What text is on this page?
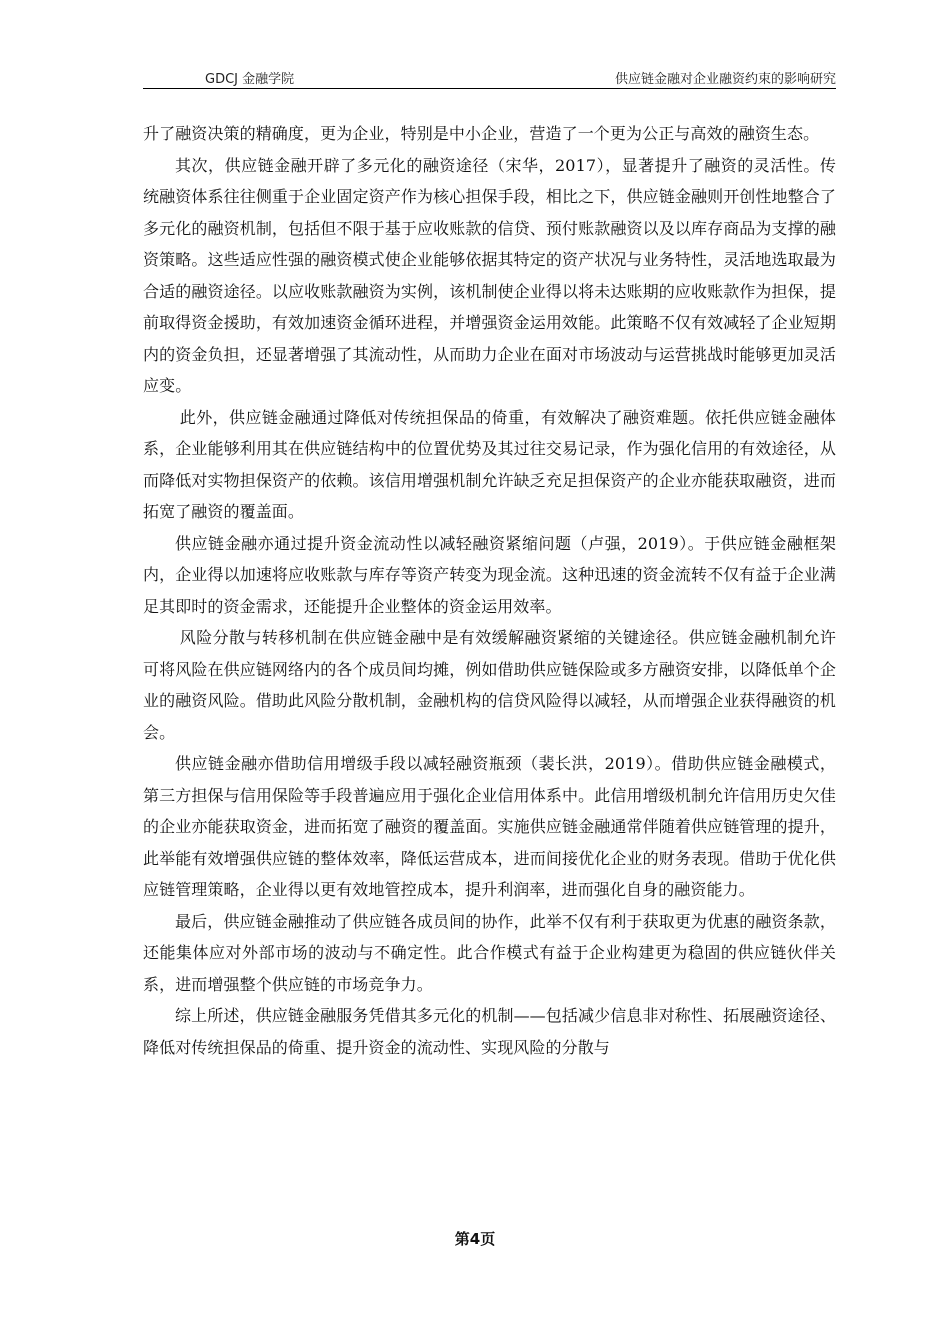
GDCJ 金融学院	供应链金融对企业融资约束的影响研究

升了融资决策的精确度，更为企业，特别是中小企业，营造了一个更为公正与高效的融资生态。

其次，供应链金融开辟了多元化的融资途径（宋华，2017），显著提升了融资的灵活性。传统融资体系往往侧重于企业固定资产作为核心担保手段，相比之下，供应链金融则开创性地整合了多元化的融资机制，包括但不限于基于应收账款的信贷、预付账款融资以及以库存商品为支撑的融资策略。这些适应性强的融资模式使企业能够依据其特定的资产状况与业务特性，灵活地选取最为合适的融资途径。以应收账款融资为实例，该机制使企业得以将未达账期的应收账款作为担保，提前取得资金援助，有效加速资金循环进程，并增强资金运用效能。此策略不仅有效减轻了企业短期内的资金负担，还显著增强了其流动性，从而助力企业在面对市场波动与运营挑战时能够更加灵活应变。

此外，供应链金融通过降低对传统担保品的倚重，有效解决了融资难题。依托供应链金融体系，企业能够利用其在供应链结构中的位置优势及其过往交易记录，作为强化信用的有效途径，从而降低对实物担保资产的依赖。该信用增强机制允许缺乏充足担保资产的企业亦能获取融资，进而拓宽了融资的覆盖面。

供应链金融亦通过提升资金流动性以减轻融资紧缩问题（卢强，2019）。于供应链金融框架内，企业得以加速将应收账款与库存等资产转变为现金流。这种迅速的资金流转不仅有益于企业满足其即时的资金需求，还能提升企业整体的资金运用效率。

风险分散与转移机制在供应链金融中是有效缓解融资紧缩的关键途径。供应链金融机制允许可将风险在供应链网络内的各个成员间均摊，例如借助供应链保险或多方融资安排，以降低单个企业的融资风险。借助此风险分散机制，金融机构的信贷风险得以减轻，从而增强企业获得融资的机会。

供应链金融亦借助信用增级手段以减轻融资瓶颈（裴长洪，2019）。借助供应链金融模式，第三方担保与信用保险等手段普遍应用于强化企业信用体系中。此信用增级机制允许信用历史欠佳的企业亦能获取资金，进而拓宽了融资的覆盖面。实施供应链金融通常伴随着供应链管理的提升，此举能有效增强供应链的整体效率，降低运营成本，进而间接优化企业的财务表现。借助于优化供应链管理策略，企业得以更有效地管控成本，提升利润率，进而强化自身的融资能力。

最后，供应链金融推动了供应链各成员间的协作，此举不仅有利于获取更为优惠的融资条款，还能集体应对外部市场的波动与不确定性。此合作模式有益于企业构建更为稳固的供应链伙伴关系，进而增强整个供应链的市场竞争力。

综上所述，供应链金融服务凭借其多元化的机制——包括减少信息非对称性、拓展融资途径、降低对传统担保品的倚重、提升资金的流动性、实现风险的分散与

第4页
